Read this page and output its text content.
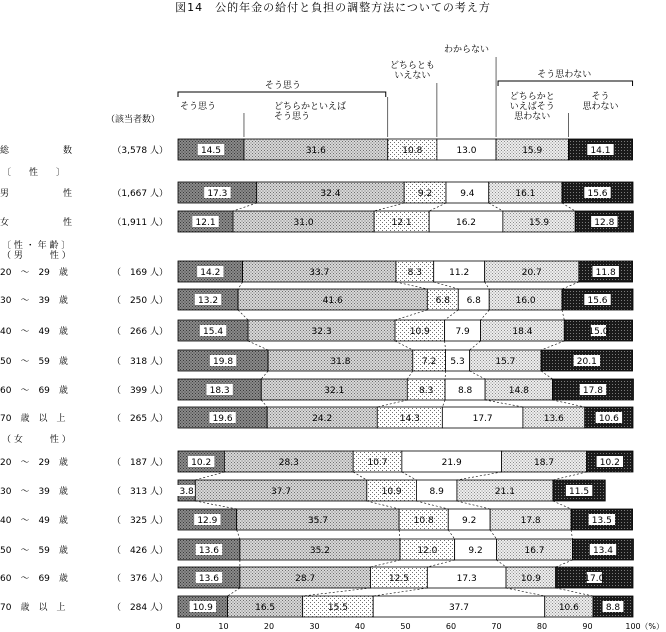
図14　公的年金の給付と負担の調整方法についての考え方
（該当者数）
そう思う
そう思わない
そう思う	どちらかといえば
そう思う
どちらとも
いえない
わからない
どちらかと
いえばそう
思わない
そう
思わない
総　　　　　　数	（3,578 人）	14.5	31.6	10.8	13.0	15.9	14.1
〔　　性　　〕
男　　　　　　性	（1,667 人）	17.3	32.4	9.2	9.4	16.1	15.6
女　　　　　　性	（1,911 人）	12.1	31.0	12.1	16.2	15.9	12.8
〔 性 ・ 年 齢 〕
（ 男　　　性 ）
20　〜　29　歳	（　169 人）	14.2	33.7	8.3	11.2	20.7	11.8
30　〜　39　歳	（　250 人）	13.2	41.6	6.8 6.8	16.0	15.6
40　〜　49　歳	（　266 人）	15.4	32.3	10.9	7.9	18.4	15.0
50　〜　59　歳	（　318 人）	19.8	31.8	7.2 5.3	15.7	20.1
60　〜　69　歳	（　399 人）	18.3	32.1	8.3	8.8	14.8	17.8
70　歳　以　上	（　265 人）	19.6	24.2	14.3	17.7	13.6	10.6
（ 女　　　性 ）
20　〜　29　歳	（　187 人）	10.2	28.3	10.7	21.9	18.7	10.2
30　〜　39　歳	（　313 人） 3.8	37.7	10.9	8.9	21.1	11.5
40　〜　49　歳	（　325 人）	12.9	35.7	10.8	9.2	17.8	13.5
50　〜　59　歳	（　426 人）	13.6	35.2	12.0	9.2	16.7	13.4
60　〜　69　歳	（　376 人）	13.6	28.7	12.5	17.3	10.9	17.0
70　歳　以　上	（　284 人）	10.9	16.5	15.5	37.7	10.6	8.8
0	10	20	30	40	50	60	70	80	90	100 （%）
